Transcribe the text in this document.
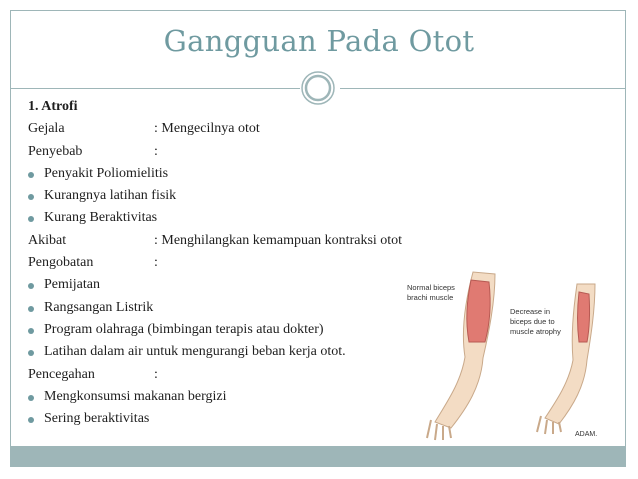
Gangguan Pada Otot
1. Atrofi
Gejala	: Mengecilnya otot
Penyebab	:
Penyakit Poliomielitis
Kurangnya latihan fisik
Kurang Beraktivitas
Akibat	: Menghilangkan kemampuan kontraksi otot
Pengobatan	:
Pemijatan
Rangsangan Listrik
Program olahraga (bimbingan terapis atau dokter)
Latihan dalam air untuk mengurangi beban kerja otot.
Pencegahan	:
Mengkonsumsi makanan bergizi
Sering beraktivitas
Normal biceps
brachi muscle
Decrease in
biceps due to
muscle atrophy
ADAM.
